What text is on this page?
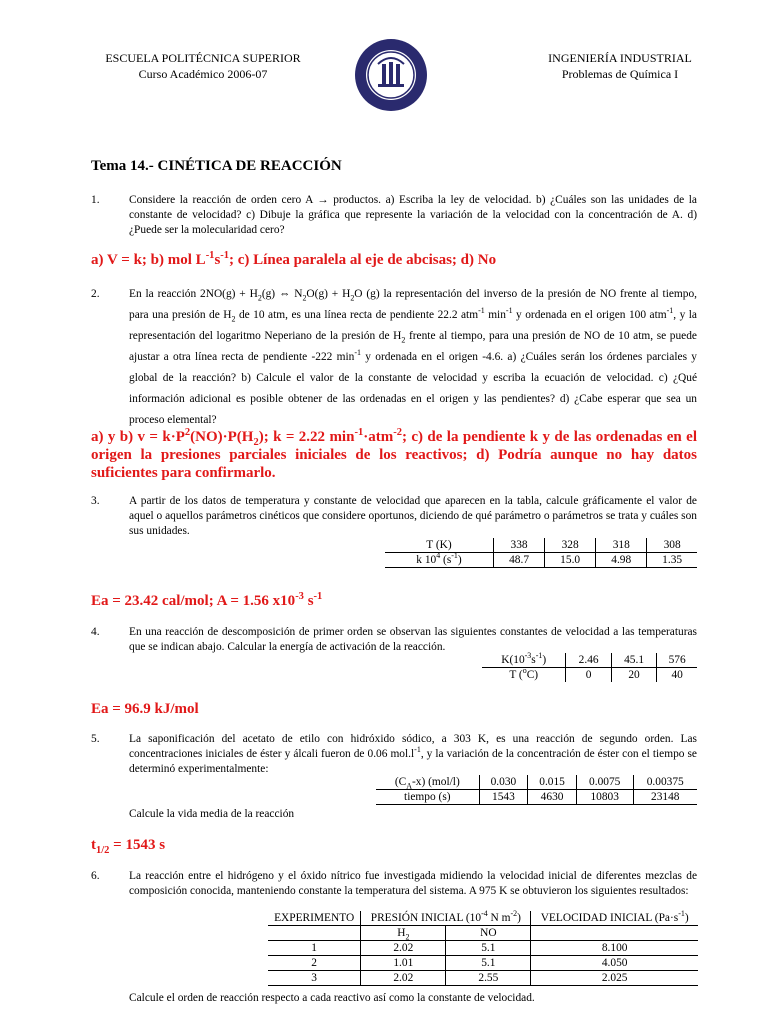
ESCUELA POLITÉCNICA SUPERIOR
Curso Académico 2006-07
INGENIERÍA INDUSTRIAL
Problemas de Química I
Tema 14.- CINÉTICA DE REACCIÓN
1.	Considere la reacción de orden cero A → productos. a) Escriba la ley de velocidad. b) ¿Cuáles son las unidades de la constante de velocidad? c) Dibuje la gráfica que represente la variación de la velocidad con la concentración de A. d) ¿Puede ser la molecularidad cero?
a) V = k; b) mol $L^{-1}s^{-1}$; c) Línea paralela al eje de abcisas; d) No
2.	En la reacción $2NO(g) + H_2(g)$ ⇔ $N_2O(g) + H_2O$ (g) la representación del inverso de la presión de NO frente al tiempo, para una presión de $H_2$ de 10 atm, es una línea recta de pendiente 22.2 atm$^{-1}$ $\min^{-1} y$ ordenada en el origen 100 atm$^{-1}$, y la representación del logaritmo Neperiano de la presión de $H_2$ frente al tiempo, para una presión de NO de 10 atm, se puede ajustar a otra línea recta de pendiente -222 $\min^{-1} y$ ordenada en el origen -4.6. a) ¿Cuáles serán los órdenes parciales y global de la reacción? b) Calcule el valor de la constante de velocidad y escriba la ecuación de velocidad. c) ¿Qué información adicional es posible obtener de las ordenadas en el origen y las pendientes? d) ¿Cabe esperar que sea un proceso elemental?
a) y b) $v = k\cdot P^2(NO)\cdot P(H_2)$; k = 2.22 $\min^{-1}\cdot atm^{-2}$; c) de la pendiente k y de las ordenadas en el origen la presiones parciales iniciales de los reactivos; d) Podría aunque no hay datos suficientes para confirmarlo.
3.	A partir de los datos de temperatura y constante de velocidad que aparecen en la tabla, calcule gráficamente el valor de aquel o aquellos parámetros cinéticos que considere oportunos, diciendo de qué parámetro o parámetros se trata y cuáles son sus unidades.
T (K)	338	328	318	308
k $10^4$ $(s^{-1})$	48.7	15.0	4.98	1.35
Ea = 23.42 cal/mol; A = 1.56 $x10^{-3}$ $s^{-1}$
4.	En una reacción de descomposición de primer orden se observan las siguientes constantes de velocidad a las temperaturas que se indican abajo. Calcular la energía de activación de la reacción.
$K(10^{-3}s^{-1})$	2.46	45.1	576
T ($^o$C)	0	20	40
Ea = 96.9 kJ/mol
5.	La saponificación del acetato de etilo con hidróxido sódico, a 303 K, es una reacción de segundo orden. Las concentraciones iniciales de éster y álcali fueron de 0.06 $mol.l^{-1}$, y la variación de la concentración de éster con el tiempo se determinó experimentalmente:
$(C_A-x)$ (mol/l)	0.030	0.015	0.0075	0.00375
tiempo (s)	1543	4630	10803	23148
Calcule la vida media de la reacción
$t_{1/2} = 1543$ s
6.	La reacción entre el hidrógeno y el óxido nítrico fue investigada midiendo la velocidad inicial de diferentes mezclas de composición conocida, manteniendo constante la temperatura del sistema. A 975 K se obtuvieron los siguientes resultados:
EXPERIMENTO	PRESIÓN INICIAL ($10^{-4}$ N $m^{-2}$)		VELOCIDAD INICIAL $(Pa\cdot s^{-1})$
	$H_2$	NO	
1	2.02	5.1	8.100
2	1.01	5.1	4.050
3	2.02	2.55	2.025
Calcule el orden de reacción respecto a cada reactivo así como la constante de velocidad.
